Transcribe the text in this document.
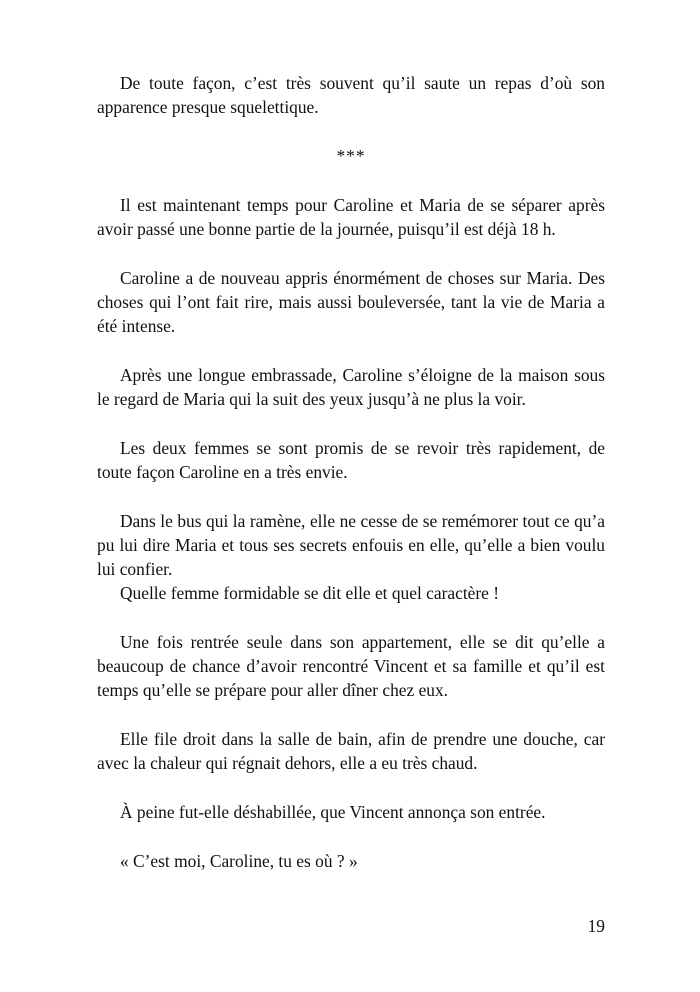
De toute façon, c’est très souvent qu’il saute un repas d’où son apparence presque squelettique.

***

Il est maintenant temps pour Caroline et Maria de se séparer après avoir passé une bonne partie de la journée, puisqu’il est déjà 18 h.

Caroline a de nouveau appris énormément de choses sur Maria. Des choses qui l’ont fait rire, mais aussi bouleversée, tant la vie de Maria a été intense.

Après une longue embrassade, Caroline s’éloigne de la maison sous le regard de Maria qui la suit des yeux jusqu’à ne plus la voir.

Les deux femmes se sont promis de se revoir très rapidement, de toute façon Caroline en a très envie.

Dans le bus qui la ramène, elle ne cesse de se remémorer tout ce qu’a pu lui dire Maria et tous ses secrets enfouis en elle, qu’elle a bien voulu lui confier.

Quelle femme formidable se dit elle et quel caractère !

Une fois rentrée seule dans son appartement, elle se dit qu’elle a beaucoup de chance d’avoir rencontré Vincent et sa famille et qu’il est temps qu’elle se prépare pour aller dîner chez eux.

Elle file droit dans la salle de bain, afin de prendre une douche, car avec la chaleur qui régnait dehors, elle a eu très chaud.

À peine fut-elle déshabillée, que Vincent annonça son entrée.

« C’est moi, Caroline, tu es où ? »

19
